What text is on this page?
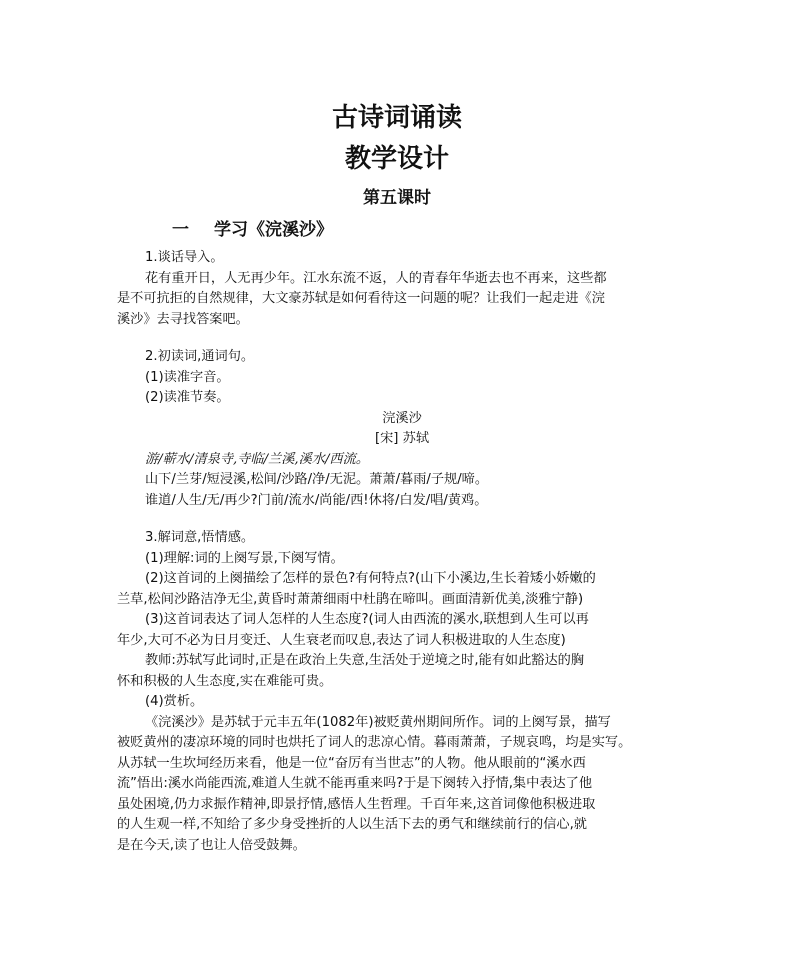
古诗词诵读
教学设计
第五课时
一 学习《浣溪沙》
1.谈话导入。
花有重开日，人无再少年。江水东流不返，人的青春年华逝去也不再来，这些都
是不可抗拒的自然规律，大文豪苏轼是如何看待这一问题的呢？让我们一起走进《浣
溪沙》去寻找答案吧。
2.初读词,通词句。
(1)读准字音。
(2)读准节奏。
浣溪沙
[宋] 苏轼
游/蕲水/清泉寺,寺临/兰溪,溪水/西流。
山下/兰芽/短浸溪,松间/沙路/净/无泥。萧萧/暮雨/子规/啼。
谁道/人生/无/再少?门前/流水/尚能/西!休将/白发/唱/黄鸡。
3.解词意,悟情感。
(1)理解:词的上阕写景,下阕写情。
(2)这首词的上阕描绘了怎样的景色?有何特点?(山下小溪边,生长着矮小娇嫩的
兰草,松间沙路洁净无尘,黄昏时萧萧细雨中杜鹃在啼叫。画面清新优美,淡雅宁静)
(3)这首词表达了词人怎样的人生态度?(词人由西流的溪水,联想到人生可以再
年少,大可不必为日月变迁、人生衰老而叹息,表达了词人积极进取的人生态度)
教师:苏轼写此词时,正是在政治上失意,生活处于逆境之时,能有如此豁达的胸
怀和积极的人生态度,实在难能可贵。
(4)赏析。
《浣溪沙》是苏轼于元丰五年(1082年)被贬黄州期间所作。词的上阕写景，描写
被贬黄州的凄凉环境的同时也烘托了词人的悲凉心情。暮雨萧萧，子规哀鸣，均是实写。
从苏轼一生坎坷经历来看，他是一位“奋厉有当世志”的人物。他从眼前的“溪水西
流”悟出:溪水尚能西流,难道人生就不能再重来吗?于是下阕转入抒情,集中表达了他
虽处困境,仍力求振作精神,即景抒情,感悟人生哲理。千百年来,这首词像他积极进取
的人生观一样,不知给了多少身受挫折的人以生活下去的勇气和继续前行的信心,就
是在今天,读了也让人倍受鼓舞。
